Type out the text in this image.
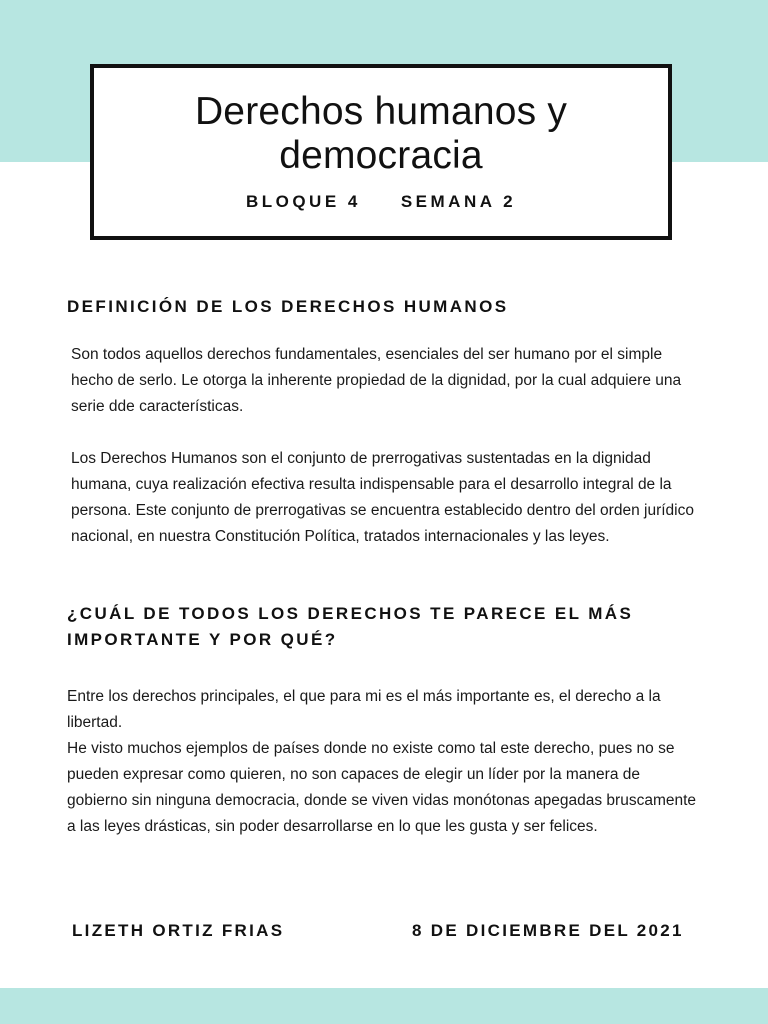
Derechos humanos y
democracia
BLOQUE 4 SEMANA 2
DEFINICIÓN DE LOS DERECHOS HUMANOS

Son todos aquellos derechos fundamentales, esenciales del ser humano por el simple hecho de serlo. Le otorga la inherente propiedad de la dignidad, por la cual adquiere una serie dde características.

Los Derechos Humanos son el conjunto de prerrogativas sustentadas en la dignidad humana, cuya realización efectiva resulta indispensable para el desarrollo integral de la persona. Este conjunto de prerrogativas se encuentra establecido dentro del orden jurídico nacional, en nuestra Constitución Política, tratados internacionales y las leyes.

¿CUÁL DE TODOS LOS DERECHOS TE PARECE EL MÁS
IMPORTANTE Y POR QUÉ?

Entre los derechos principales, el que para mi es el más importante es, el derecho a la libertad.

He visto muchos ejemplos de países donde no existe como tal este derecho, pues no se pueden expresar como quieren, no son capaces de elegir un líder por la manera de gobierno sin ninguna democracia, donde se viven vidas monótonas apegadas bruscamente a las leyes drásticas, sin poder desarrollarse en lo que les gusta y ser felices.

LIZETH ORTIZ FRIAS	8 DE DICIEMBRE DEL 2021
